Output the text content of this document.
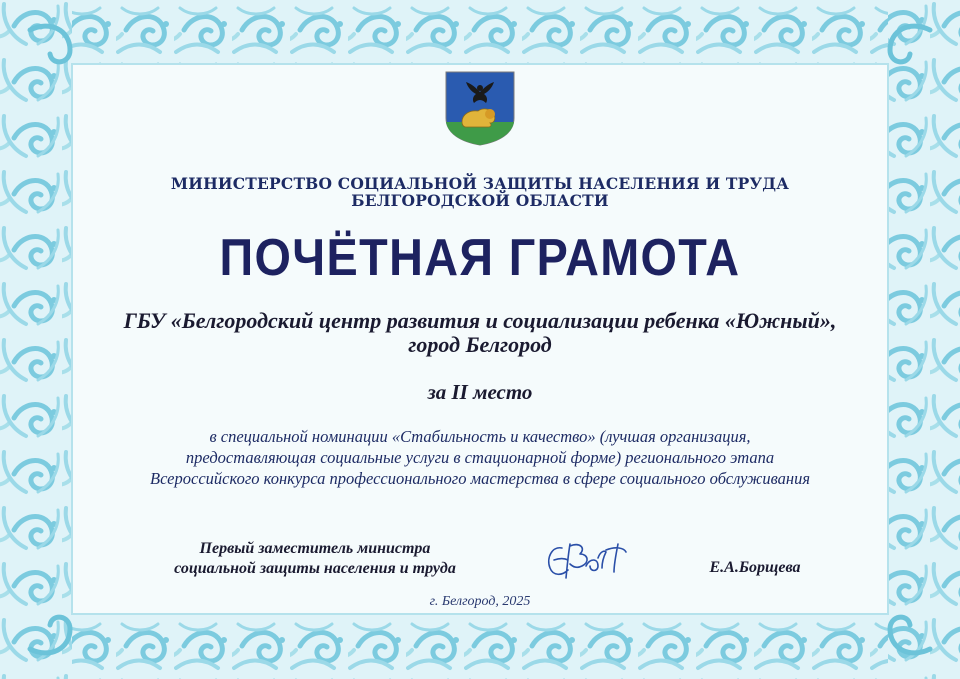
МИНИСТЕРСТВО СОЦИАЛЬНОЙ ЗАЩИТЫ НАСЕЛЕНИЯ И ТРУДА
БЕЛГОРОДСКОЙ ОБЛАСТИ
ПОЧЁТНАЯ ГРАМОТА
ГБУ «Белгородский центр развития и социализации ребенка «Южный»,
город Белгород
за II место
в специальной номинации «Стабильность и качество» (лучшая организация,
предоставляющая социальные услуги в стационарной форме) регионального этапа
Всероссийского конкурса профессионального мастерства в сфере социального обслуживания
Первый заместитель министра
социальной защиты населения и труда	Е.А.Борщева
г. Белгород, 2025
